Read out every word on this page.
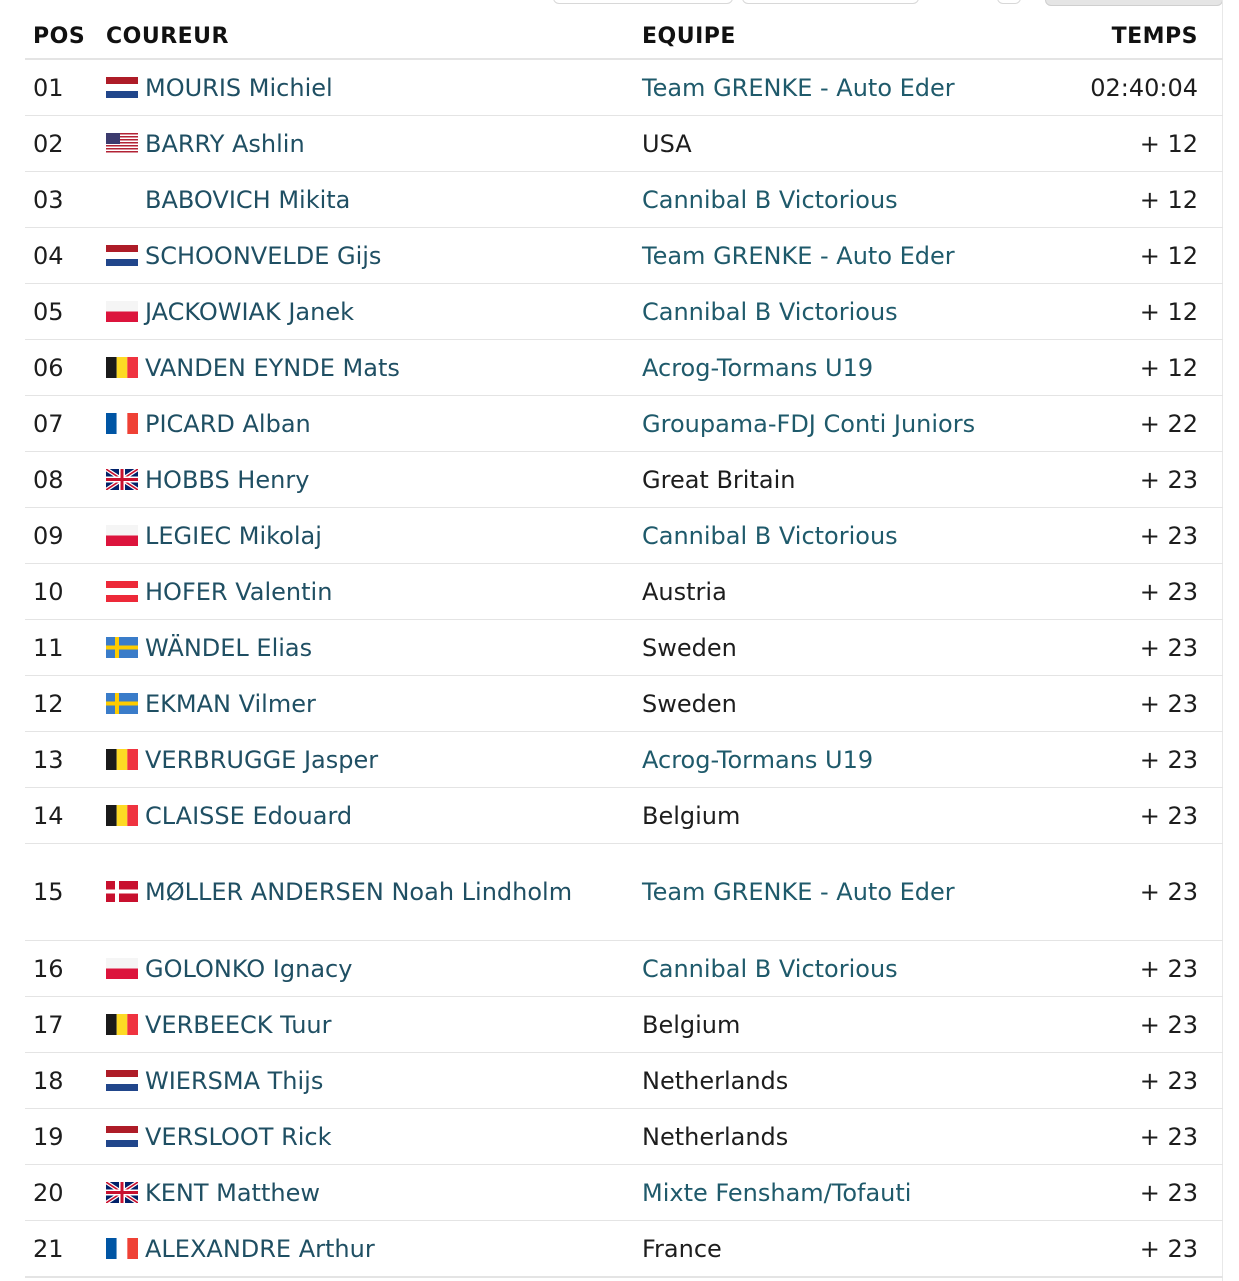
POS	COUREUR	EQUIPE	TEMPS
01	MOURIS Michiel	Team GRENKE - Auto Eder	02:40:04
02	BARRY Ashlin	USA	+ 12
03	BABOVICH Mikita	Cannibal B Victorious	+ 12
04	SCHOONVELDE Gijs	Team GRENKE - Auto Eder	+ 12
05	JACKOWIAK Janek	Cannibal B Victorious	+ 12
06	VANDEN EYNDE Mats	Acrog-Tormans U19	+ 12
07	PICARD Alban	Groupama-FDJ Conti Juniors	+ 22
08	HOBBS Henry	Great Britain	+ 23
09	LEGIEC Mikolaj	Cannibal B Victorious	+ 23
10	HOFER Valentin	Austria	+ 23
11	WÄNDEL Elias	Sweden	+ 23
12	EKMAN Vilmer	Sweden	+ 23
13	VERBRUGGE Jasper	Acrog-Tormans U19	+ 23
14	CLAISSE Edouard	Belgium	+ 23
15	MØLLER ANDERSEN Noah Lindholm	Team GRENKE - Auto Eder	+ 23
16	GOLONKO Ignacy	Cannibal B Victorious	+ 23
17	VERBEECK Tuur	Belgium	+ 23
18	WIERSMA Thijs	Netherlands	+ 23
19	VERSLOOT Rick	Netherlands	+ 23
20	KENT Matthew	Mixte Fensham/Tofauti	+ 23
21	ALEXANDRE Arthur	France	+ 23
